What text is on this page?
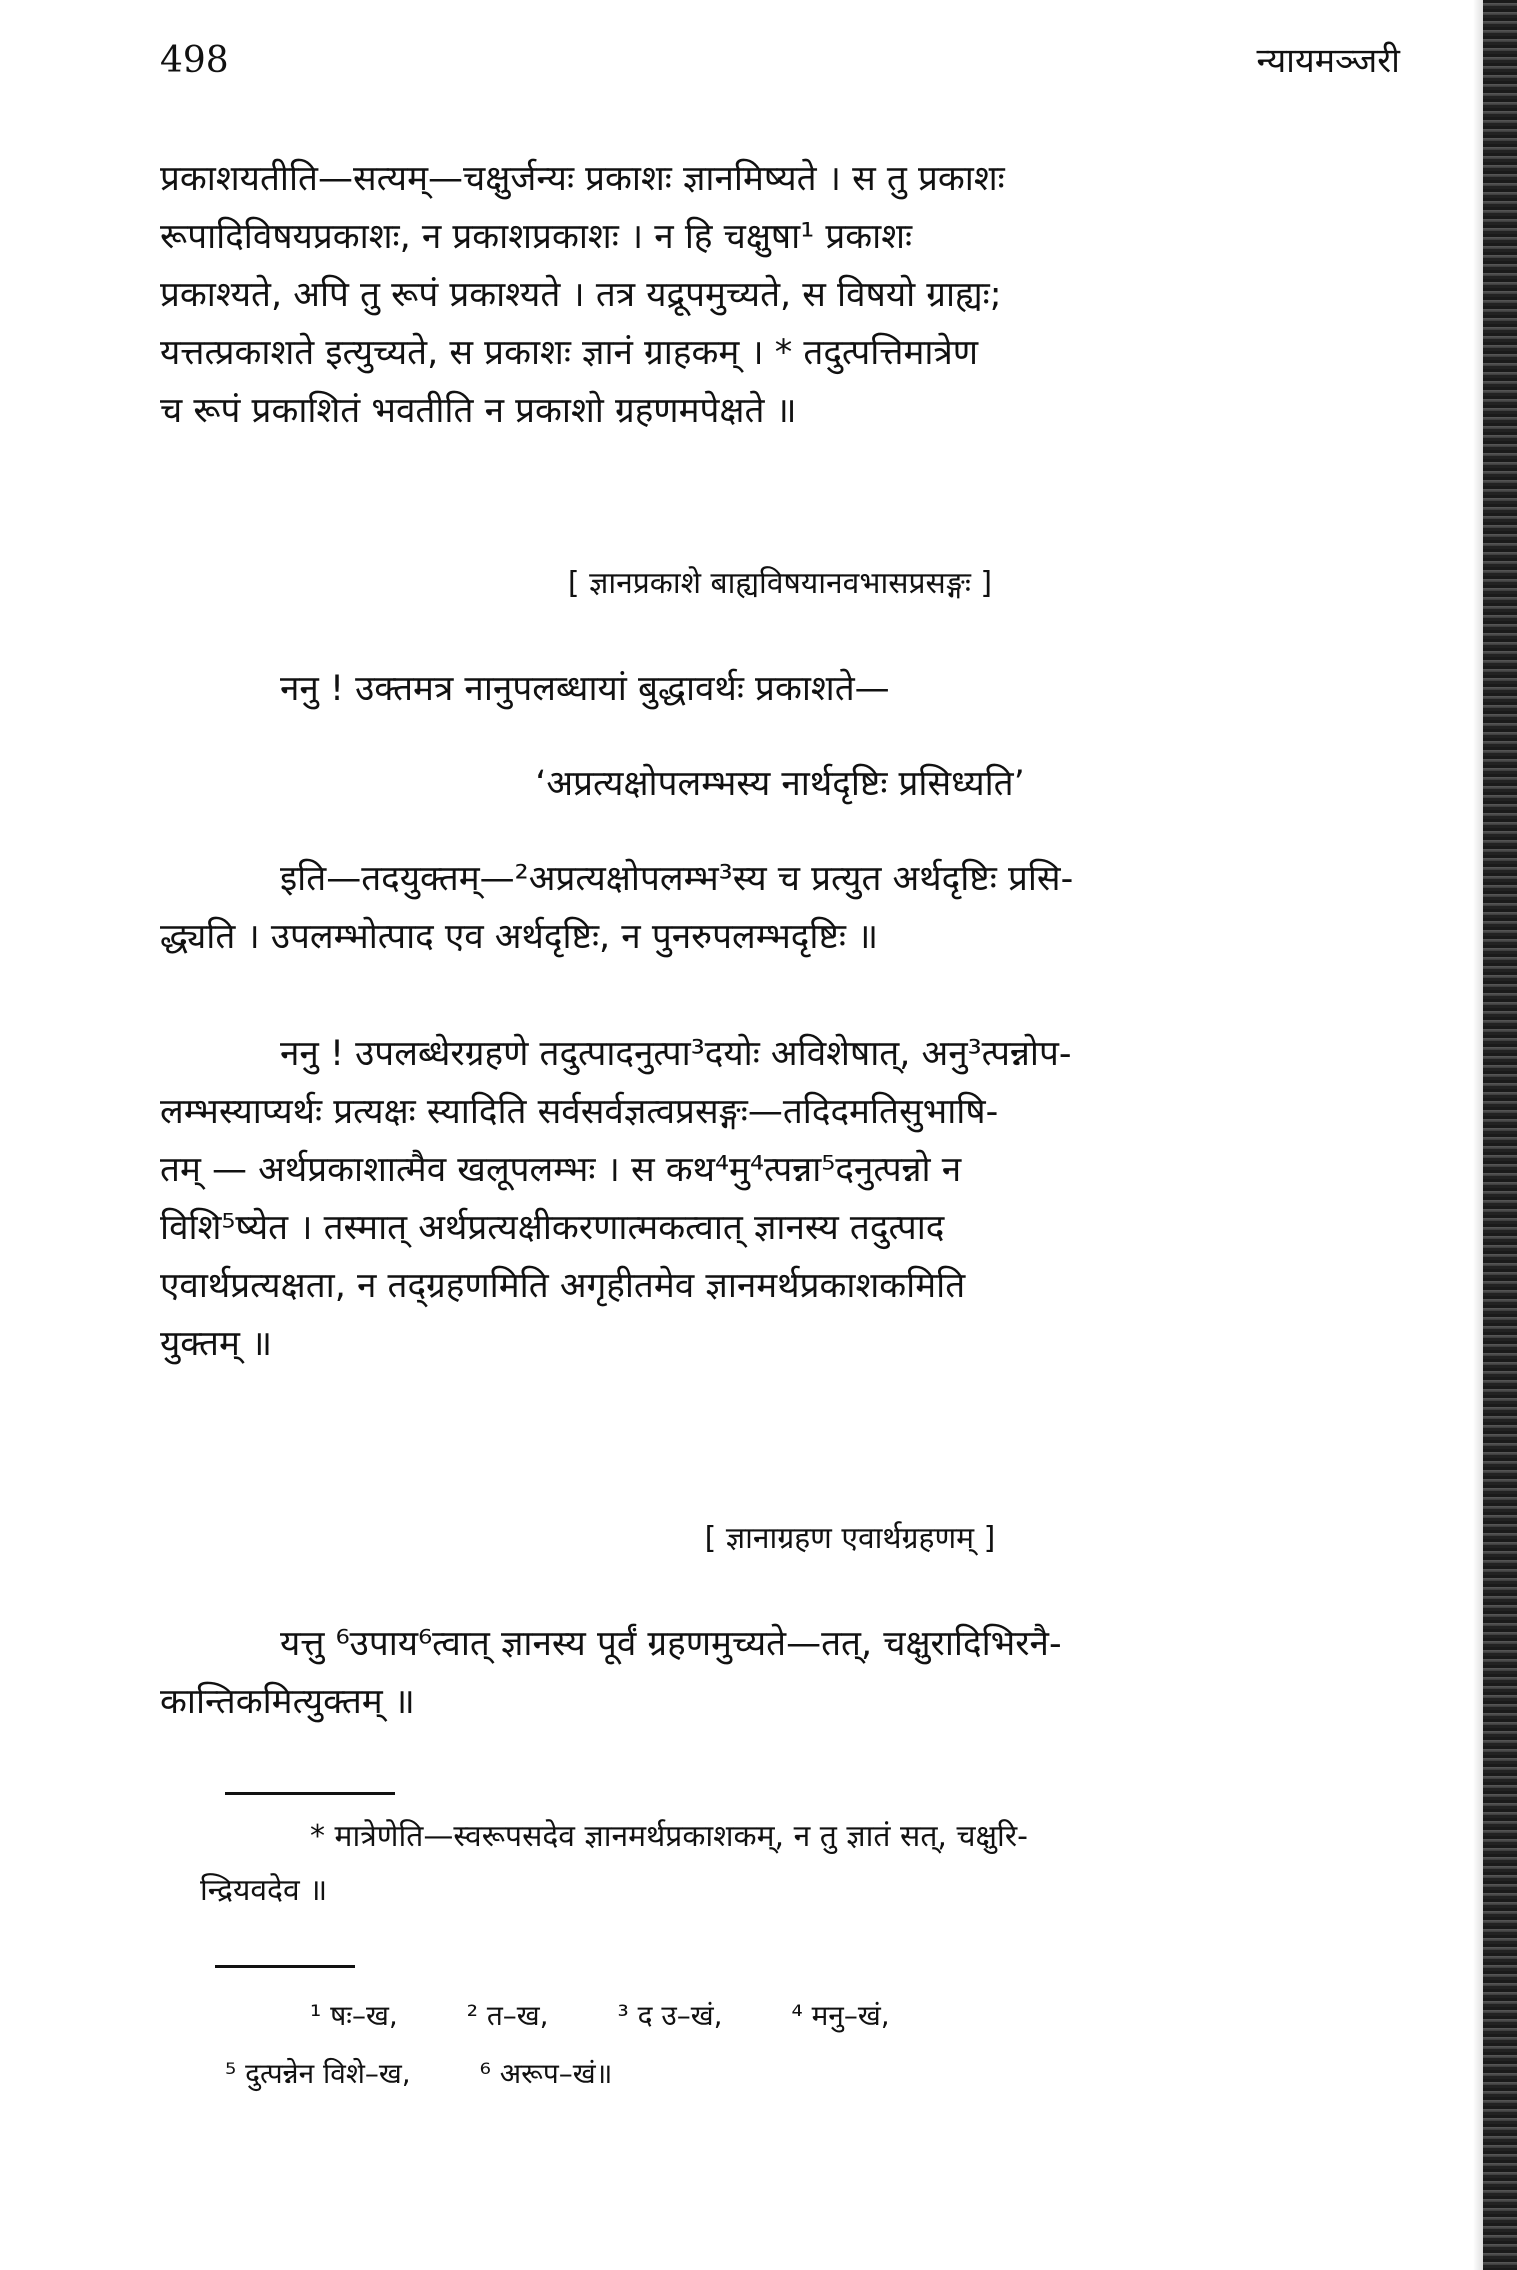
498	न्यायमञ्जरी

प्रकाशयतीति—सत्यम्—चक्षुर्जन्यः प्रकाशः ज्ञानमिष्यते । स तु प्रकाशः

रूपादिविषयप्रकाशः, न प्रकाशप्रकाशः । न हि चक्षुषा¹ प्रकाशः

प्रकाश्यते, अपि तु रूपं प्रकाश्यते । तत्र यद्रूपमुच्यते, स विषयो ग्राह्यः;

यत्तत्प्रकाशते इत्युच्यते, स प्रकाशः ज्ञानं ग्राहकम् । * तदुत्पत्तिमात्रेण

च रूपं प्रकाशितं भवतीति न प्रकाशो ग्रहणमपेक्षते ॥

[ ज्ञानप्रकाशे बाह्यविषयानवभासप्रसङ्गः ]

ननु ! उक्तमत्र नानुपलब्धायां बुद्धावर्थः प्रकाशते—

‘अप्रत्यक्षोपलम्भस्य नार्थदृष्टिः प्रसिध्यति’

इति—तदयुक्तम्—²अप्रत्यक्षोपलम्भ³स्य च प्रत्युत अर्थदृष्टिः प्रसि-

द्ध्यति । उपलम्भोत्पाद एव अर्थदृष्टिः, न पुनरुपलम्भदृष्टिः ॥

ननु ! उपलब्धेरग्रहणे तदुत्पादनुत्पा³दयोः अविशेषात्, अनु³त्पन्नोप-

लम्भस्याप्यर्थः प्रत्यक्षः स्यादिति सर्वसर्वज्ञत्वप्रसङ्गः—तदिदमतिसुभाषि-

तम् — अर्थप्रकाशात्मैव खलूपलम्भः । स कथ⁴मु⁴त्पन्ना⁵दनुत्पन्नो न

विशि⁵ष्येत । तस्मात् अर्थप्रत्यक्षीकरणात्मकत्वात् ज्ञानस्य तदुत्पाद

एवार्थप्रत्यक्षता, न तद्ग्रहणमिति अगृहीतमेव ज्ञानमर्थप्रकाशकमिति

युक्तम् ॥

[ ज्ञानाग्रहण एवार्थग्रहणम् ]

यत्तु ⁶उपाय⁶त्वात् ज्ञानस्य पूर्वं ग्रहणमुच्यते—तत्, चक्षुरादिभिरनै-

कान्तिकमित्युक्तम् ॥

* मात्रेणेति—स्वरूपसदेव ज्ञानमर्थप्रकाशकम्, न तु ज्ञातं सत्, चक्षुरि-

न्द्रियवदेव ॥

¹ षः–ख, ² त–ख, ³ द उ–खं, ⁴ मनु–खं,
⁵ दुत्पन्नेन विशे–ख, ⁶ अरूप–खं॥
